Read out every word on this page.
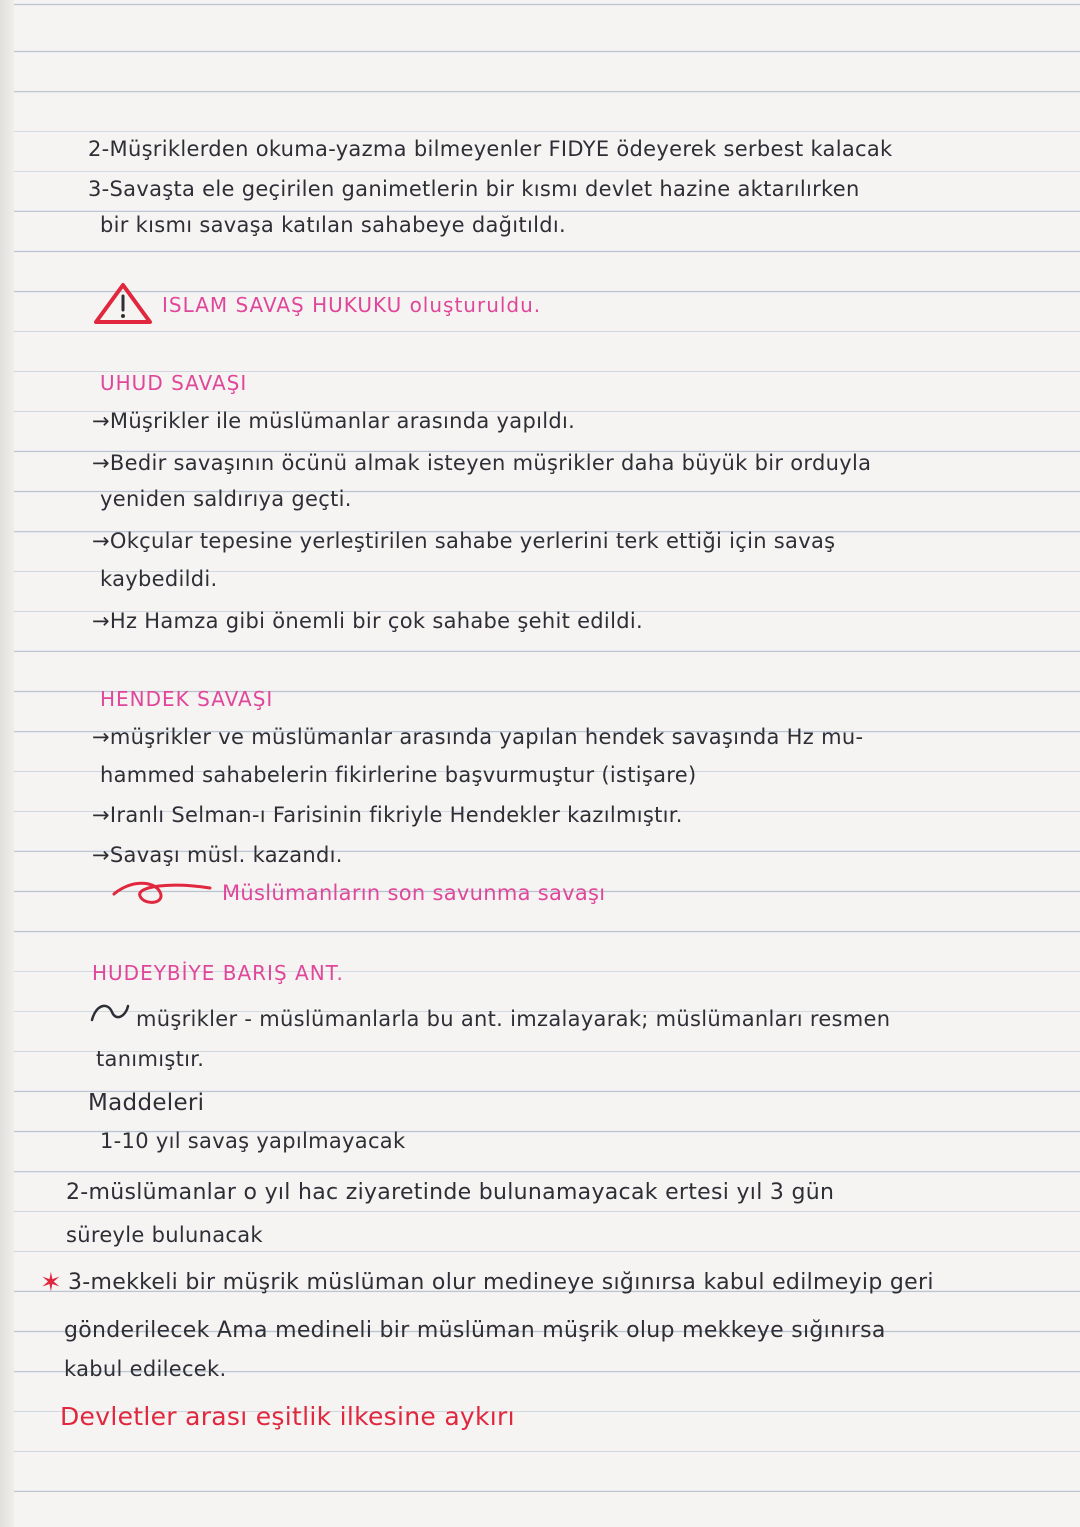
2-Müşriklerden okuma-yazma bilmeyenler FIDYE ödeyerek serbest kalacak
3-Savaşta ele geçirilen ganimetlerin bir kısmı devlet hazine aktarılırken
bir kısmı savaşa katılan sahabeye dağıtıldı.
ISLAM SAVAŞ HUKUKU oluşturuldu.
UHUD SAVAŞI
→Müşrikler ile müslümanlar arasında yapıldı.
→Bedir savaşının öcünü almak isteyen müşrikler daha büyük bir orduyla
yeniden saldırıya geçti.
→Okçular tepesine yerleştirilen sahabe yerlerini terk ettiği için savaş
kaybedildi.
→Hz Hamza gibi önemli bir çok sahabe şehit edildi.
HENDEK SAVAŞI
→müşrikler ve müslümanlar arasında yapılan hendek savaşında Hz mu-
hammed sahabelerin fikirlerine başvurmuştur (istişare)
→Iranlı Selman-ı Farisinin fikriyle Hendekler kazılmıştır.
→Savaşı müsl. kazandı.
Müslümanların son savunma savaşı
HUDEYBİYE BARIŞ ANT.
müşrikler - müslümanlarla bu ant. imzalayarak; müslümanları resmen
tanımıştır.
Maddeleri
1-10 yıl savaş yapılmayacak
2-müslümanlar o yıl hac ziyaretinde bulunamayacak ertesi yıl 3 gün
süreyle bulunacak
✶ 3-mekkeli bir müşrik müslüman olur medineye sığınırsa kabul edilmeyip geri
gönderilecek Ama medineli bir müslüman müşrik olup mekkeye sığınırsa
kabul edilecek.
Devletler arası eşitlik ilkesine aykırı
